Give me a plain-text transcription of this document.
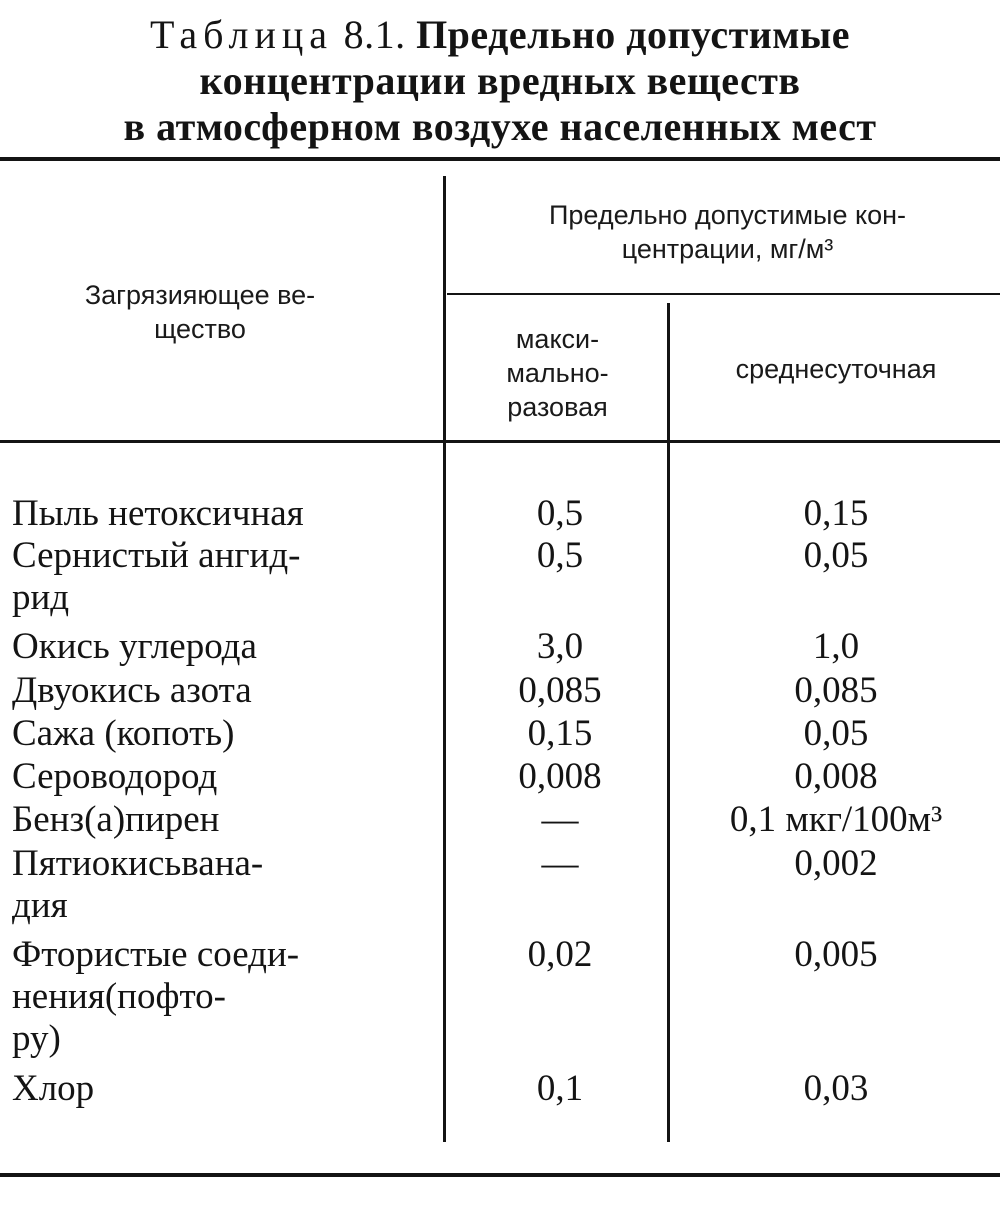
Таблица 8.1. Предельно допустимые
концентрации вредных веществ
в атмосферном воздухе населенных мест
Загрязияющее ве-
щество
Предельно допустимые кон-
центрации, мг/м³
макси-
мально-
разовая
среднесуточная
Пыль нетоксичная	0,5	0,15
Сернистый ангид-
рид
0,5	0,05
Окись углерода	3,0	1,0
Двуокись азота	0,085	0,085
Сажа (копоть)	0,15	0,05
Сероводород	0,008	0,008
Бенз(а)пирен	—	0,1 мкг/100м³
Пятиокисьвана-
дия
—	0,002
Фтористые соеди-
нения(пофто-
ру)
0,02	0,005
Хлор	0,1	0,03
